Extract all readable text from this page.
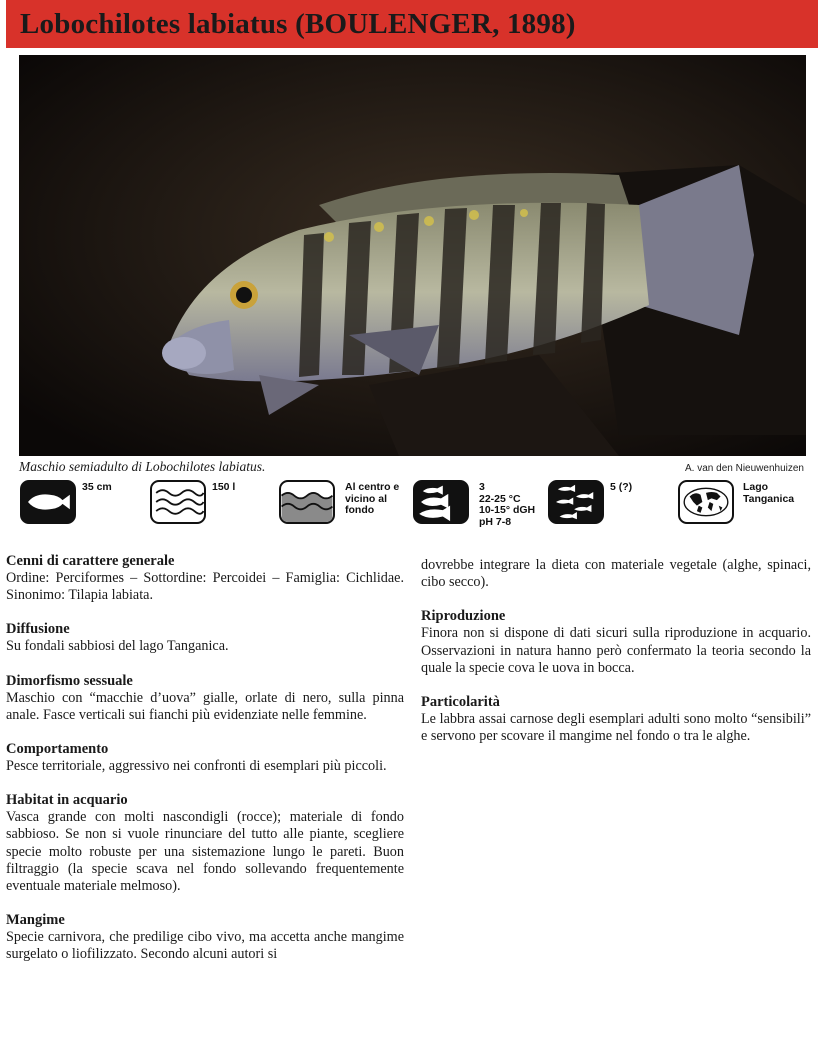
Lobochilotes labiatus (BOULENGER, 1898)
Maschio semiadulto di Lobochilotes labiatus.	A. van den Nieuwenhuizen
35 cm	150 l	Al centro e
vicino al
fondo
3
22-25 °C
10-15° dGH
pH 7-8
5 (?)	Lago
Tanganica
Cenni di carattere generale

Ordine: Perciformes – Sottordine: Percoidei – Famiglia: Cichlidae. Sinonimo: Tilapia labiata.

Diffusione

Su fondali sabbiosi del lago Tanganica.

Dimorfismo sessuale

Maschio con “macchie d’uova” gialle, orlate di nero, sulla pinna anale. Fasce verticali sui fianchi più evidenziate nelle femmine.

Comportamento

Pesce territoriale, aggressivo nei confronti di esemplari più piccoli.

Habitat in acquario

Vasca grande con molti nascondigli (rocce); materiale di fondo sabbioso. Se non si vuole rinunciare del tutto alle piante, scegliere specie molto robuste per una sistemazione lungo le pareti. Buon filtraggio (la specie scava nel fondo sollevando frequentemente eventuale materiale melmoso).

Mangime

Specie carnivora, che predilige cibo vivo, ma accetta anche mangime surgelato o liofilizzato. Secondo alcuni autori si

dovrebbe integrare la dieta con materiale vegetale (alghe, spinaci, cibo secco).

Riproduzione

Finora non si dispone di dati sicuri sulla riproduzione in acquario. Osservazioni in natura hanno però confermato la teoria secondo la quale la specie cova le uova in bocca.

Particolarità

Le labbra assai carnose degli esemplari adulti sono molto “sensibili” e servono per scovare il mangime nel fondo o tra le alghe.
